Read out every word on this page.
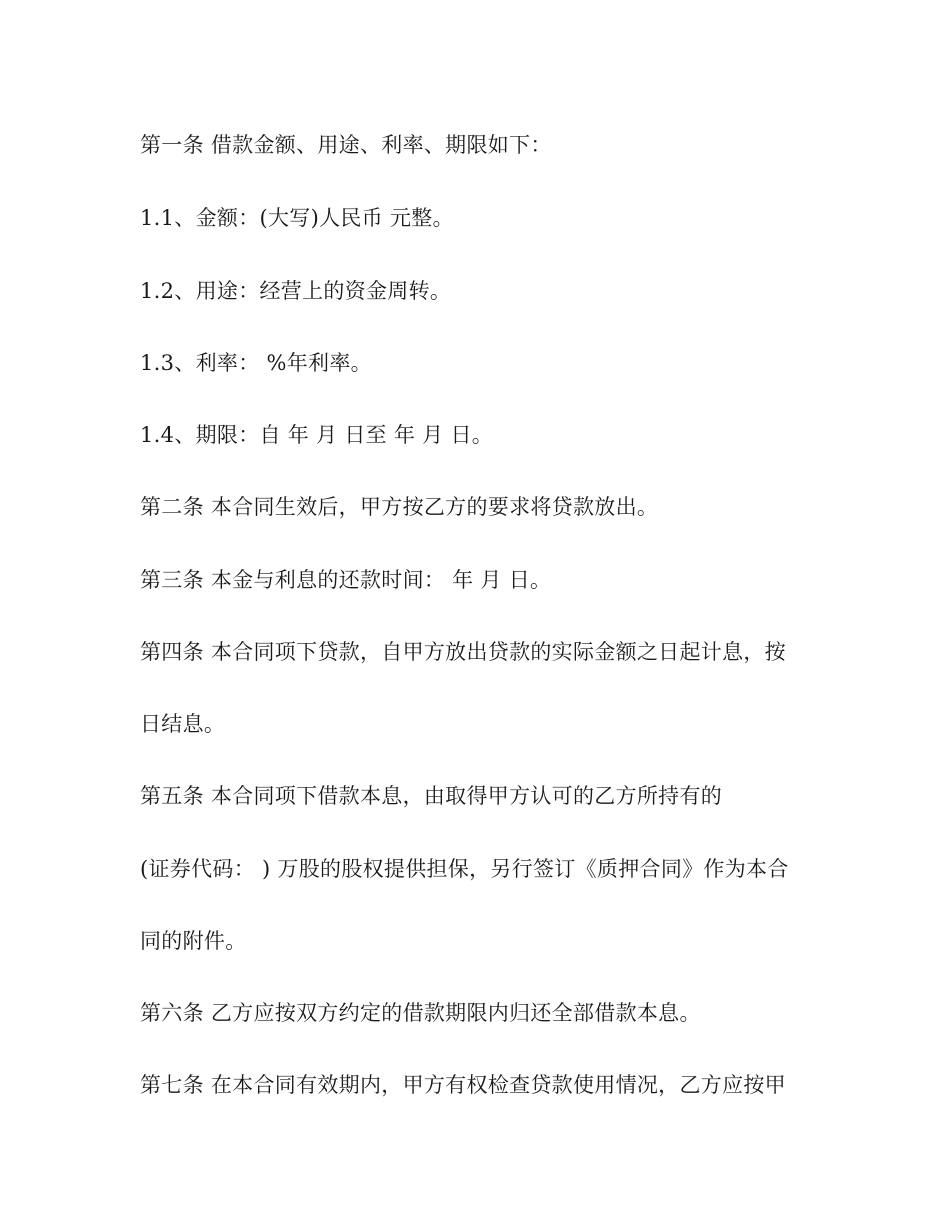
第一条 借款金额、用途、利率、期限如下：

1.1、金额：(大写)人民币 元整。

1.2、用途：经营上的资金周转。

1.3、利率： %年利率。

1.4、期限：自 年 月 日至 年 月 日。

第二条 本合同生效后，甲方按乙方的要求将贷款放出。

第三条 本金与利息的还款时间： 年 月 日。

第四条 本合同项下贷款，自甲方放出贷款的实际金额之日起计息，按

日结息。

第五条 本合同项下借款本息，由取得甲方认可的乙方所持有的

(证券代码： ) 万股的股权提供担保，另行签订《质押合同》作为本合

同的附件。

第六条 乙方应按双方约定的借款期限内归还全部借款本息。

第七条 在本合同有效期内，甲方有权检查贷款使用情况，乙方应按甲
